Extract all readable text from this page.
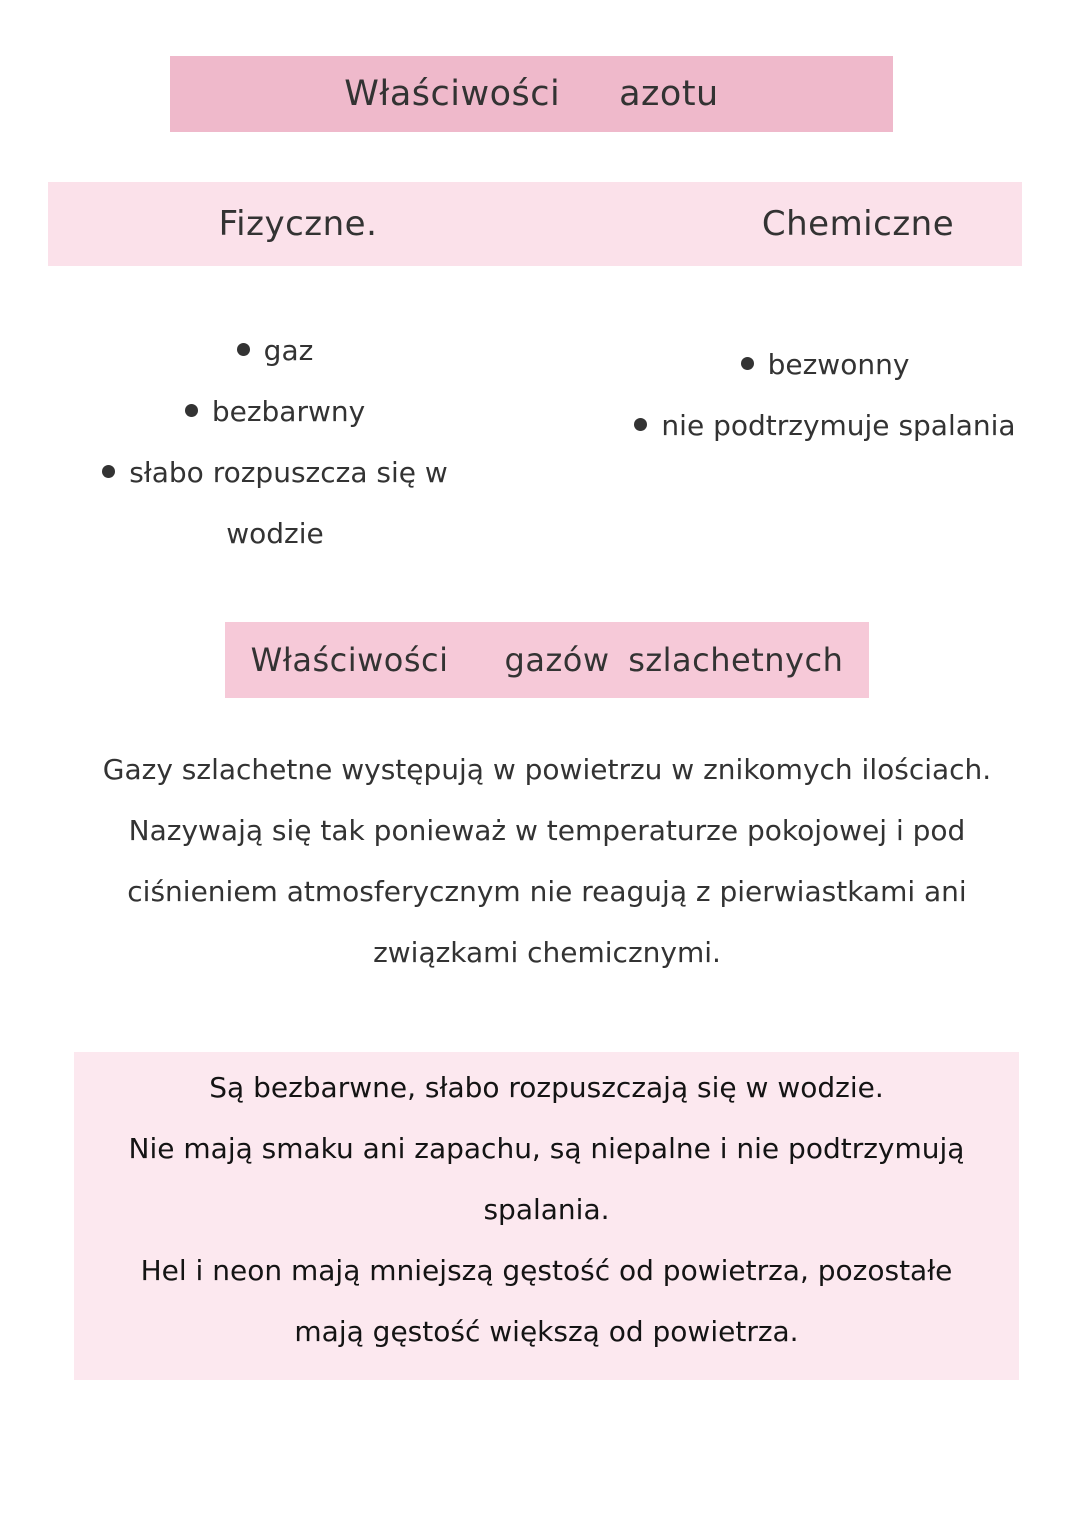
Właściwości   azotu
Fizyczne.	Chemiczne
gaz
bezbarwny
słabo rozpuszcza się w
wodzie
bezwonny
nie podtrzymuje spalania
Właściwości   gazów szlachetnych

Gazy szlachetne występują w powietrzu w znikomych ilościach.
Nazywają się tak ponieważ w temperaturze pokojowej i pod
ciśnieniem atmosferycznym nie reagują z pierwiastkami ani
związkami chemicznymi.

Są bezbarwne, słabo rozpuszczają się w wodzie.
Nie mają smaku ani zapachu, są niepalne i nie podtrzymują
spalania.
Hel i neon mają mniejszą gęstość od powietrza, pozostałe
mają gęstość większą od powietrza.
